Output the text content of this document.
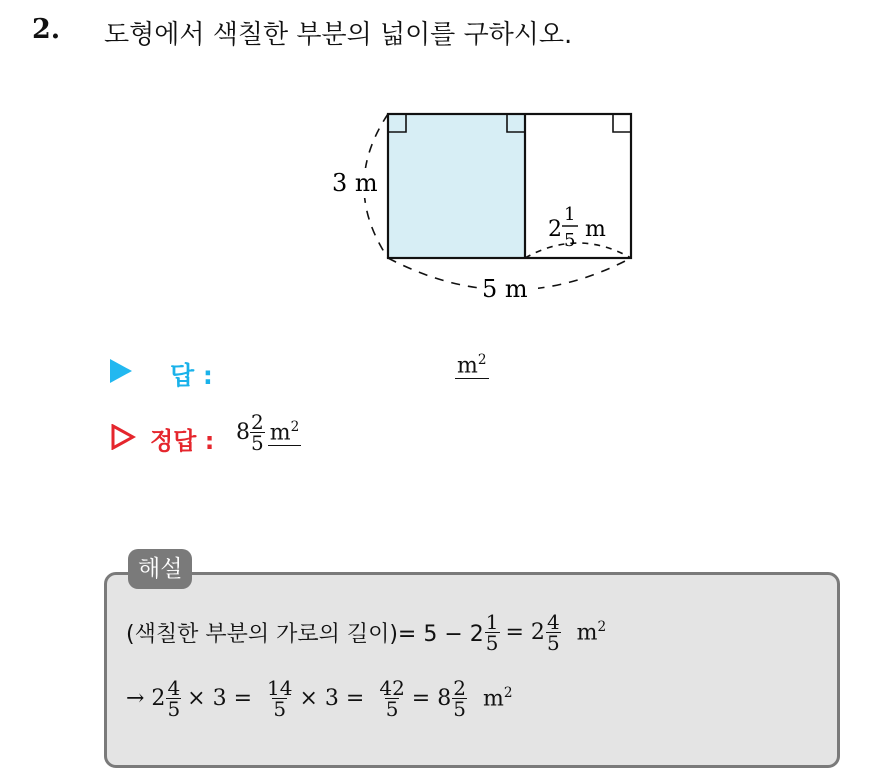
2. 도형에서 색칠한 부분의 넓이를 구하시오.
3 m
5 m
2
1
5 m
답 :	$m^2$
정답 : $8 \frac{2}{5} m^2$
해설
(색칠한 부분의 가로의 길이)= $5 - 2 \frac{1}{5} = 2 \frac{4}{5} m^2$
→ $2 \frac{4}{5} \times 3 = \frac{14}{5} \times 3 = \frac{42}{5} = 8 \frac{2}{5} m^2$
